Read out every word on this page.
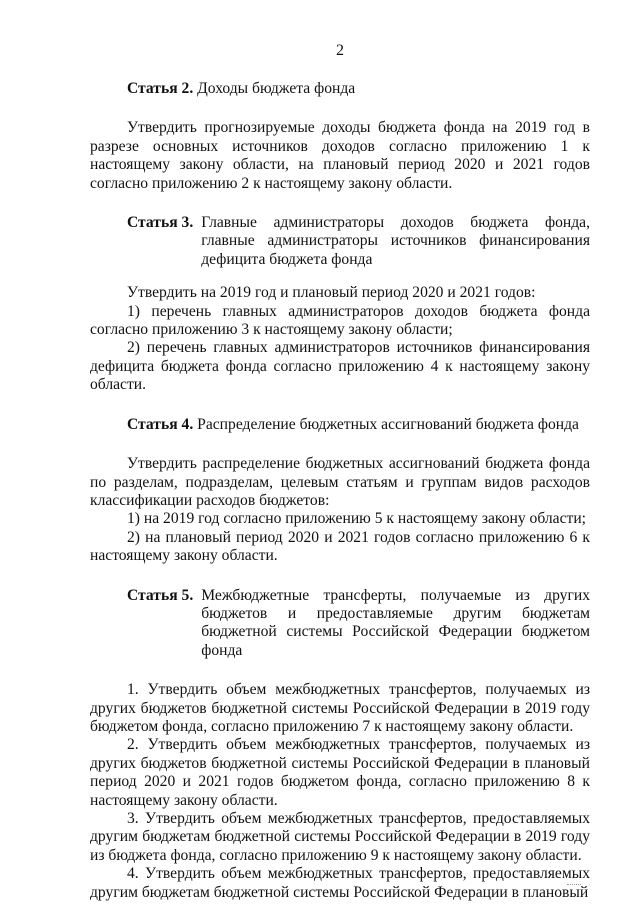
2

Статья 2. Доходы бюджета фонда

Утвердить прогнозируемые доходы бюджета фонда на 2019 год в разрезе основных источников доходов согласно приложению 1 к настоящему закону области, на плановый период 2020 и 2021 годов согласно приложению 2 к настоящему закону области.

Статья 3. Главные администраторы доходов бюджета фонда, главные администраторы источников финансирования дефицита бюджета фонда

Утвердить на 2019 год и плановый период 2020 и 2021 годов:

1) перечень главных администраторов доходов бюджета фонда согласно приложению 3 к настоящему закону области;

2) перечень главных администраторов источников финансирования дефицита бюджета фонда согласно приложению 4 к настоящему закону области.

Статья 4. Распределение бюджетных ассигнований бюджета фонда

Утвердить распределение бюджетных ассигнований бюджета фонда по разделам, подразделам, целевым статьям и группам видов расходов классификации расходов бюджетов:

1) на 2019 год согласно приложению 5 к настоящему закону области;

2) на плановый период 2020 и 2021 годов согласно приложению 6 к настоящему закону области.

Статья 5. Межбюджетные трансферты, получаемые из других бюджетов и предоставляемые другим бюджетам бюджетной системы Российской Федерации бюджетом фонда

1. Утвердить объем межбюджетных трансфертов, получаемых из других бюджетов бюджетной системы Российской Федерации в 2019 году бюджетом фонда, согласно приложению 7 к настоящему закону области.

2. Утвердить объем межбюджетных трансфертов, получаемых из других бюджетов бюджетной системы Российской Федерации в плановый период 2020 и 2021 годов бюджетом фонда, согласно приложению 8 к настоящему закону области.

3. Утвердить объем межбюджетных трансфертов, предоставляемых другим бюджетам бюджетной системы Российской Федерации в 2019 году из бюджета фонда, согласно приложению 9 к настоящему закону области.

4. Утвердить объем межбюджетных трансфертов, предоставляемых другим бюджетам бюджетной системы Российской Федерации в плановый
